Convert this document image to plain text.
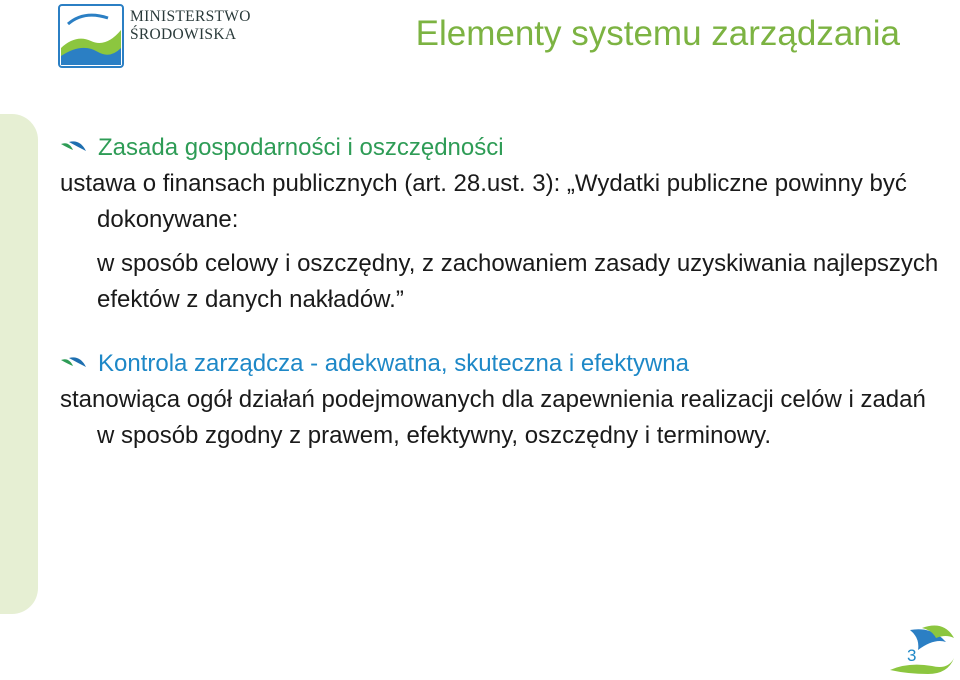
MINISTERSTWO
ŚRODOWISKA	Elementy systemu zarządzania
Zasada gospodarności i oszczędności

ustawa o finansach publicznych (art. 28.ust. 3): „Wydatki publiczne powinny być dokonywane:

w sposób celowy i oszczędny, z zachowaniem zasady uzyskiwania najlepszych efektów z danych nakładów.”

Kontrola zarządcza - adekwatna, skuteczna i efektywna

stanowiąca ogół działań podejmowanych dla zapewnienia realizacji celów i zadań w sposób zgodny z prawem, efektywny, oszczędny i terminowy.

3
